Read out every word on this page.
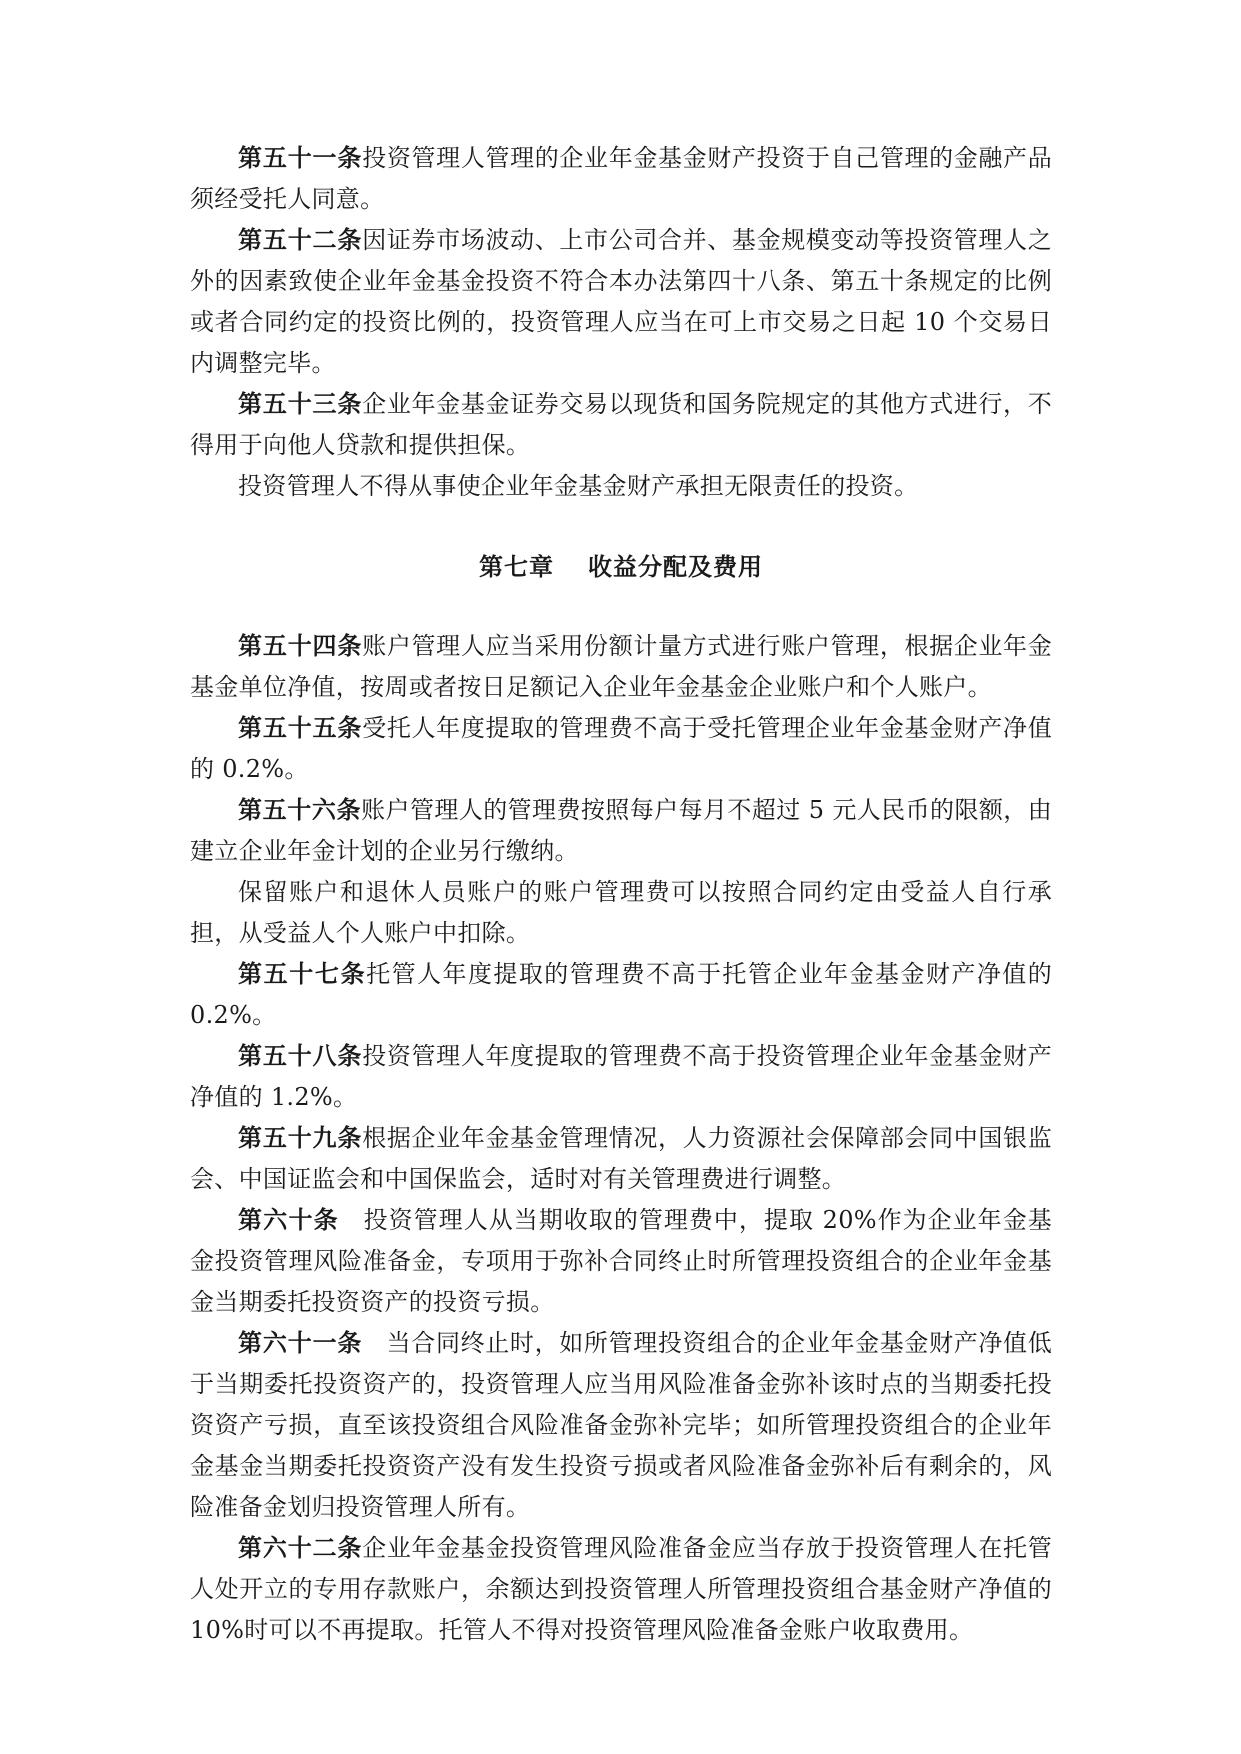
第五十一条投资管理人管理的企业年金基金财产投资于自己管理的金融产品须经受托人同意。

第五十二条因证券市场波动、上市公司合并、基金规模变动等投资管理人之外的因素致使企业年金基金投资不符合本办法第四十八条、第五十条规定的比例或者合同约定的投资比例的，投资管理人应当在可上市交易之日起 10 个交易日内调整完毕。

第五十三条企业年金基金证券交易以现货和国务院规定的其他方式进行，不得用于向他人贷款和提供担保。

投资管理人不得从事使企业年金基金财产承担无限责任的投资。

第七章 收益分配及费用

第五十四条账户管理人应当采用份额计量方式进行账户管理，根据企业年金基金单位净值，按周或者按日足额记入企业年金基金企业账户和个人账户。

第五十五条受托人年度提取的管理费不高于受托管理企业年金基金财产净值的 0.2%。

第五十六条账户管理人的管理费按照每户每月不超过 5 元人民币的限额，由建立企业年金计划的企业另行缴纳。

保留账户和退休人员账户的账户管理费可以按照合同约定由受益人自行承担，从受益人个人账户中扣除。

第五十七条托管人年度提取的管理费不高于托管企业年金基金财产净值的 0.2%。

第五十八条投资管理人年度提取的管理费不高于投资管理企业年金基金财产净值的 1.2%。

第五十九条根据企业年金基金管理情况，人力资源社会保障部会同中国银监会、中国证监会和中国保监会，适时对有关管理费进行调整。

第六十条 投资管理人从当期收取的管理费中，提取 20%作为企业年金基金投资管理风险准备金，专项用于弥补合同终止时所管理投资组合的企业年金基金当期委托投资资产的投资亏损。

第六十一条 当合同终止时，如所管理投资组合的企业年金基金财产净值低于当期委托投资资产的，投资管理人应当用风险准备金弥补该时点的当期委托投资资产亏损，直至该投资组合风险准备金弥补完毕；如所管理投资组合的企业年金基金当期委托投资资产没有发生投资亏损或者风险准备金弥补后有剩余的，风险准备金划归投资管理人所有。

第六十二条企业年金基金投资管理风险准备金应当存放于投资管理人在托管人处开立的专用存款账户，余额达到投资管理人所管理投资组合基金财产净值的 10%时可以不再提取。托管人不得对投资管理风险准备金账户收取费用。
